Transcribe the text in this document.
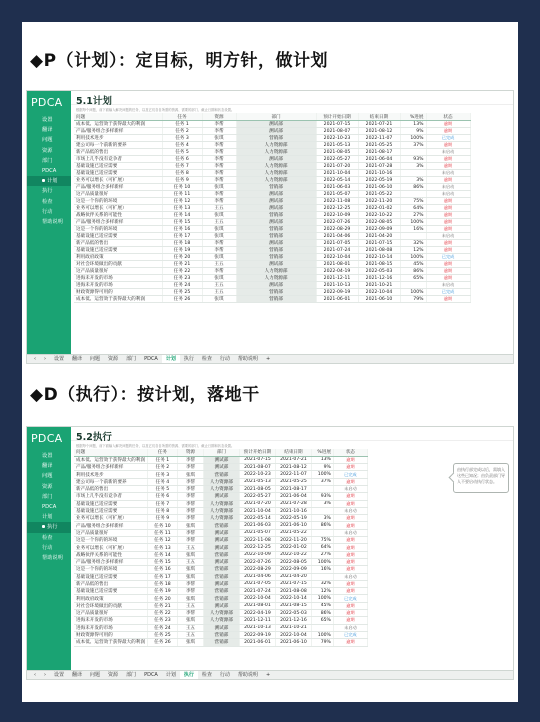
◆P（计划）：定目标，明方针，做计划
PDCA
设置
翻译
问题
资源
部门
PDCA
计划
执行
检查
行动
帮助说明
5.1计划
根据每个问题，前下面输入解决问题的任务，以及它们各自所需的资源、需要的部门、截止日期和状态设置。
问题	任务	资源	部门	预计开始日期	结束日期	%进展	状态
成本低、运营效于获得最大的利润	任务 1	李帮	测试部	2021-07-15	2021-07-21	13%	逾期
产品/服务组合多样新样	任务 2	李帮	测试部	2021-08-07	2021-08-12	9%	逾期
利用技术进步	任务 3	张琪	营销部	2022-10-23	2022-11-07	100%	已完成
建公司每一个前新的要养	任务 4	李帮	人力资源部	2021-05-13	2021-05-25	37%	逾期
新产品低的售出	任务 5	李帮	人力资源部	2021-08-05	2021-08-17		未启动
市场上几乎没有竞争者	任务 6	李帮	测试部	2022-05-27	2021-06-04	93%	逾期
基础设施已适应需要	任务 7	李帮	人力资源部	2021-07-20	2021-07-28	3%	逾期
基础设施已适应需要	任务 8	李帮	人力资源部	2021-10-04	2021-10-16		未启动
业务可以增长（可扩展）	任务 9	李帮	人力资源部	2022-05-14	2022-05-19	3%	逾期
产品/服务组合多样新样	任务 10	张琪	营销部	2021-06-03	2021-06-10	86%	未启动
这产品质量很好	任务 11	李帮	测试部	2021-05-07	2021-05-22		未启动
这是一个你的的环境	任务 12	李帮	测试部	2022-11-08	2022-11-20	75%	逾期
业务可以增长（可扩展）	任务 13	王五	测试部	2022-12-25	2022-01-02	64%	逾期
战略伙伴关系的可能性	任务 14	张琪	营销部	2022-10-09	2022-10-22	27%	逾期
产品/服务组合多样新样	任务 15	王五	测试部	2022-07-26	2022-08-05	100%	逾期
这是一个你的的环境	任务 16	张琪	营销部	2022-08-29	2022-09-09	16%	逾期
基础设施已适应需要	任务 17	张琪	营销部	2021-04-06	2021-04-20		未启动
新产品低的售出	任务 18	李帮	测试部	2021-07-05	2021-07-15	32%	逾期
基础设施已适应需要	任务 19	李帮	营销部	2021-07-24	2021-08-08	12%	逾期
利用政府政策	任务 20	张琪	营销部	2022-10-04	2022-10-14	100%	已完成
对社会环境做出的贡献	任务 21	王五	测试部	2021-08-01	2021-08-15	45%	逾期
这产品质量很好	任务 22	李帮	人力资源部	2022-04-19	2022-05-03	86%	逾期
进海未开发的市场	任务 23	张琪	人力资源部	2021-12-11	2021-12-16	65%	逾期
进海未开发的市场	任务 24	王五	测试部	2021-10-13	2021-10-21		未启动
财政资源得可用的	任务 25	王五	营销部	2022-09-19	2022-10-04	100%	已完成
成本低、运营效于获得最大的利润	任务 26	张琪	营销部	2021-06-01	2021-06-10	79%	逾期
‹ › 设置 翻译 问题 资源 部门 PDCA 计划 执行 检查 行动 帮助说明 +
◆D（执行）：按计划，落地干
PDCA
设置
翻译
问题
资源
部门
PDCA
计划
执行
检查
行动
帮助说明
5.2执行
根据每个问题，前下面输入解决问题的任务，以及它们各自所需的资源、需要的部门、截止日期和状态设置。
问题	任务	资源	部门	预计开始日期	结束日期	%进展	状态
成本低、运营效于获得最大的利润	任务 1	李帮	测试部	2021-07-15	2021-07-21	13%	逾期
产品/服务组合多样新样	任务 2	李帮	测试部	2021-08-07	2021-08-12	9%	逾期
利用技术进步	任务 3	张琪	营销部	2022-10-23	2022-11-07	100%	已完成
建公司每一个前新的要养	任务 4	李帮	人力资源部	2021-05-13	2021-05-25	37%	逾期
新产品低的售出	任务 5	李帮	人力资源部	2021-08-05	2021-08-17		未启动
市场上几乎没有竞争者	任务 6	李帮	测试部	2022-05-27	2021-06-04	93%	逾期
基础设施已适应需要	任务 7	李帮	人力资源部	2021-07-20	2021-07-28	3%	逾期
基础设施已适应需要	任务 8	李帮	人力资源部	2021-10-04	2021-10-16		未启动
业务可以增长（可扩展）	任务 9	李帮	人力资源部	2022-05-14	2022-05-19	3%	逾期
产品/服务组合多样新样	任务 10	张琪	营销部	2021-06-03	2021-06-10	86%	逾期
这产品质量很好	任务 11	李帮	测试部	2021-05-07	2021-05-22		未启动
这是一个你的的环境	任务 12	李帮	测试部	2022-11-08	2022-11-20	75%	逾期
业务可以增长（可扩展）	任务 13	王五	测试部	2022-12-25	2022-01-02	64%	逾期
战略伙伴关系的可能性	任务 14	张琪	营销部	2022-10-09	2022-10-22	27%	逾期
产品/服务组合多样新样	任务 15	王五	测试部	2022-07-26	2022-08-05	100%	逾期
这是一个你的的环境	任务 16	张琪	营销部	2022-08-29	2022-09-09	16%	逾期
基础设施已适应需要	任务 17	张琪	营销部	2021-04-06	2021-04-20		未启动
新产品低的售出	任务 18	李帮	测试部	2021-07-05	2021-07-15	32%	逾期
基础设施已适应需要	任务 19	李帮	营销部	2021-07-24	2021-08-08	12%	逾期
利用政府政策	任务 20	张琪	营销部	2022-10-04	2022-10-14	100%	已完成
对社会环境做出的贡献	任务 21	王五	测试部	2021-08-01	2021-08-15	45%	逾期
这产品质量很好	任务 22	李帮	人力资源部	2022-04-19	2022-05-03	86%	逾期
进海未开发的市场	任务 23	张琪	人力资源部	2021-12-11	2021-12-16	65%	逾期
进海未开发的市场	任务 24	王五	测试部	2021-10-13	2021-10-21		未启动
财政资源得可用的	任务 25	王五	营销部	2022-09-19	2022-10-04	100%	已完成
成本低、运营效于获得最大的利润	任务 26	张琪	营销部	2021-06-01	2021-06-10	79%	逾期
由执行部完成以后，需填入这些已知况；由负责部门导人不要启动执行状态。
‹ › 设置 翻译 问题 资源 部门 PDCA 计划 执行 检查 行动 帮助说明 +
